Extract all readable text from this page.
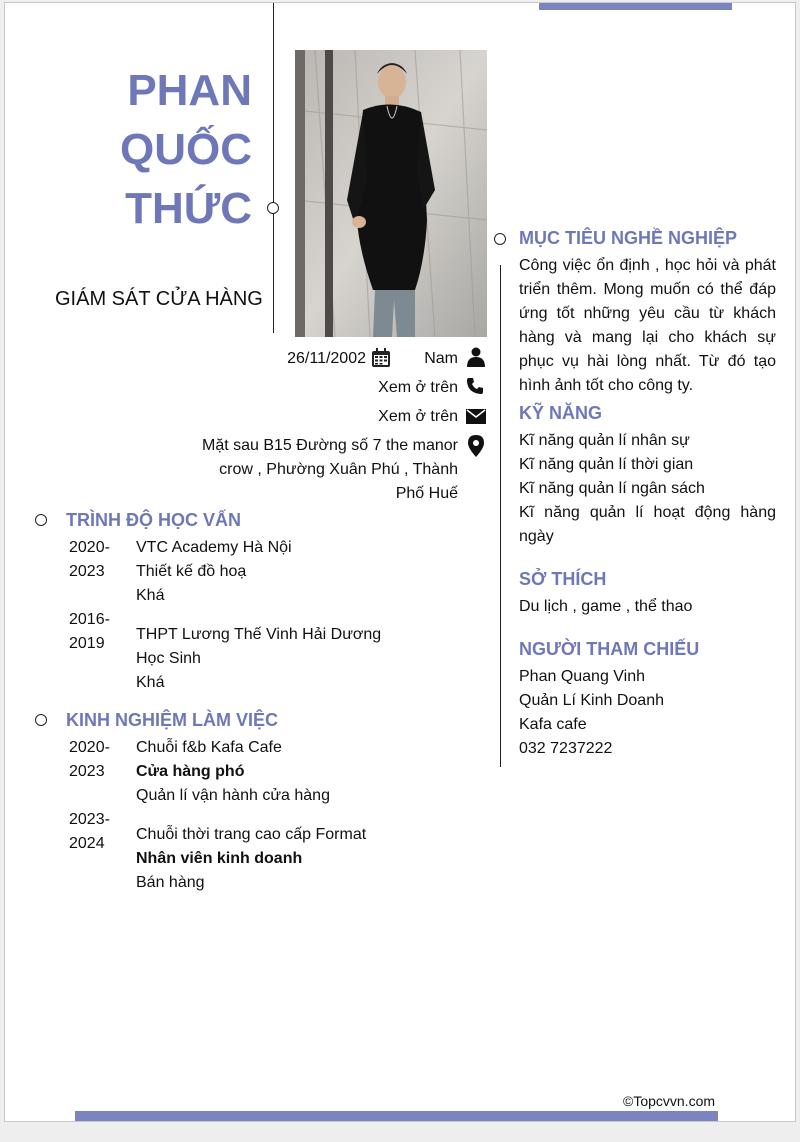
PHAN
QUỐC
THỨC
GIÁM SÁT CỬA HÀNG
26/11/2002	Nam
Xem ở trên
Xem ở trên
Mặt sau B15 Đường số 7 the manor crow , Phường Xuân Phú , Thành Phố Huế
TRÌNH ĐỘ HỌC VẤN
2020-2023
VTC Academy Hà Nội
Thiết kế đồ hoạ
Khá
2016-2019
THPT Lương Thế Vinh Hải Dương
Học Sinh
Khá
KINH NGHIỆM LÀM VIỆC
2020-2023
Chuỗi f&b Kafa Cafe
Cửa hàng phó
Quản lí vận hành cửa hàng
2023-2024
Chuỗi thời trang cao cấp Format
Nhân viên kinh doanh
Bán hàng
MỤC TIÊU NGHỀ NGHIỆP
Công việc ổn định , học hỏi và phát triển thêm. Mong muốn có thể đáp ứng tốt những yêu cầu từ khách hàng và mang lại cho khách sự phục vụ hài lòng nhất. Từ đó tạo hình ảnh tốt cho công ty.
KỸ NĂNG
Kĩ năng quản lí nhân sự
Kĩ năng quản lí thời gian
Kĩ năng quản lí ngân sách
Kĩ năng quản lí hoạt động hàng ngày
SỞ THÍCH
Du lịch , game , thể thao
NGƯỜI THAM CHIẾU
Phan Quang Vinh
Quản Lí Kinh Doanh
Kafa cafe
032 7237222
©Topcvvn.com
